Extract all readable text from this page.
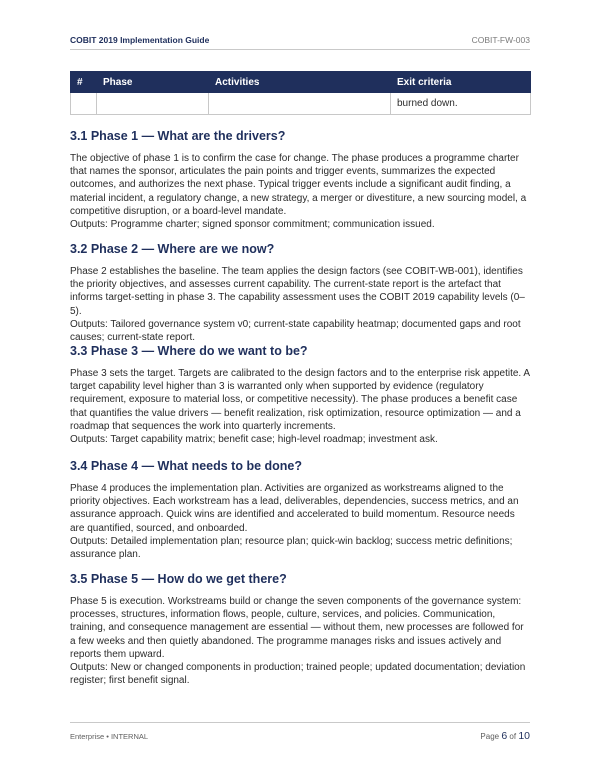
COBIT 2019 Implementation Guide	COBIT-FW-003
#	Phase	Activities	Exit criteria
			burned down.
3.1 Phase 1 — What are the drivers?

The objective of phase 1 is to confirm the case for change. The phase produces a programme charter that names the sponsor, articulates the pain points and trigger events, summarizes the expected outcomes, and authorizes the next phase. Typical trigger events include a significant audit finding, a material incident, a regulatory change, a new strategy, a merger or divestiture, a new sourcing model, a competitive disruption, or a board-level mandate.

Outputs: Programme charter; signed sponsor commitment; communication issued.

3.2 Phase 2 — Where are we now?

Phase 2 establishes the baseline. The team applies the design factors (see COBIT-WB-001), identifies the priority objectives, and assesses current capability. The current-state report is the artefact that informs target-setting in phase 3. The capability assessment uses the COBIT 2019 capability levels (0–5).

Outputs: Tailored governance system v0; current-state capability heatmap; documented gaps and root causes; current-state report.

3.3 Phase 3 — Where do we want to be?

Phase 3 sets the target. Targets are calibrated to the design factors and to the enterprise risk appetite. A target capability level higher than 3 is warranted only when supported by evidence (regulatory requirement, exposure to material loss, or competitive necessity). The phase produces a benefit case that quantifies the value drivers — benefit realization, risk optimization, resource optimization — and a roadmap that sequences the work into quarterly increments.

Outputs: Target capability matrix; benefit case; high-level roadmap; investment ask.

3.4 Phase 4 — What needs to be done?

Phase 4 produces the implementation plan. Activities are organized as workstreams aligned to the priority objectives. Each workstream has a lead, deliverables, dependencies, success metrics, and an assurance approach. Quick wins are identified and accelerated to build momentum. Resource needs are quantified, sourced, and onboarded.

Outputs: Detailed implementation plan; resource plan; quick-win backlog; success metric definitions; assurance plan.

3.5 Phase 5 — How do we get there?

Phase 5 is execution. Workstreams build or change the seven components of the governance system: processes, structures, information flows, people, culture, services, and policies. Communication, training, and consequence management are essential — without them, new processes are followed for a few weeks and then quietly abandoned. The programme manages risks and issues actively and reports them upward.

Outputs: New or changed components in production; trained people; updated documentation; deviation register; first benefit signal.

Enterprise • INTERNAL	Page 6 of 10
